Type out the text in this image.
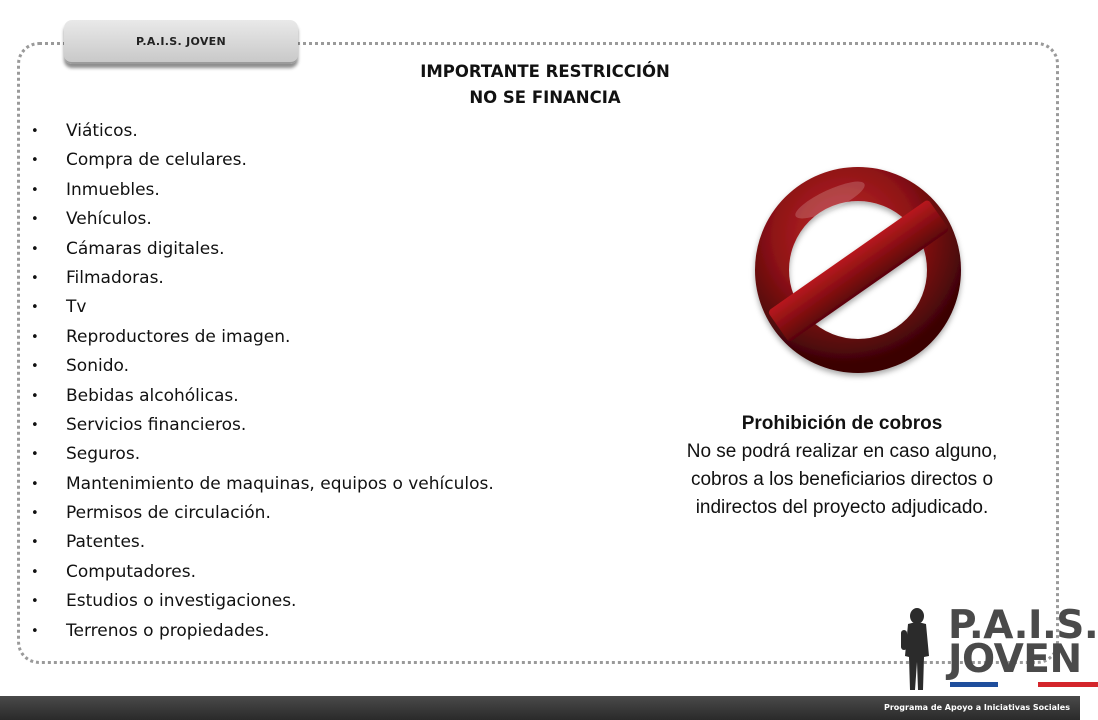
P.A.I.S. JOVEN
IMPORTANTE RESTRICCIÓN
NO SE FINANCIA
• Viáticos.
• Compra de celulares.
• Inmuebles.
• Vehículos.
• Cámaras digitales.
• Filmadoras.
• Tv
• Reproductores de imagen.
• Sonido.
• Bebidas alcohólicas.
• Servicios financieros.
• Seguros.
• Mantenimiento de maquinas, equipos o vehículos.
• Permisos de circulación.
• Patentes.
• Computadores.
• Estudios o investigaciones.
• Terrenos o propiedades.
Prohibición de cobros
No se podrá realizar en caso alguno,
cobros a los beneficiarios directos o
indirectos del proyecto adjudicado.
P.A.I.S.
JOVEN
Programa de Apoyo a Iniciativas Sociales
